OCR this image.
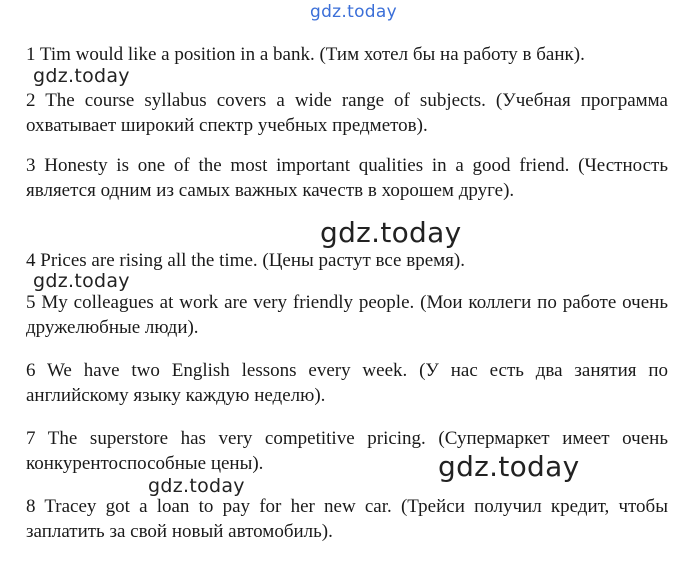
gdz.today

1 Tim would like a position in a bank. (Тим хотел бы на работу в банк).

gdz.today

2 The course syllabus covers a wide range of subjects. (Учебная программа охватывает широкий спектр учебных предметов).

3 Honesty is one of the most important qualities in a good friend. (Честность является одним из самых важных качеств в хорошем друге).

gdz.today

4 Prices are rising all the time. (Цены растут все время).

gdz.today

5 My colleagues at work are very friendly people. (Мои коллеги по работе очень дружелюбные люди).

6 We have two English lessons every week. (У нас есть два занятия по английскому языку каждую неделю).

7 The superstore has very competitive pricing. (Супермаркет имеет очень конкурентоспособные цены).	gdz.today
gdz.today

8 Tracey got a loan to pay for her new car. (Трейси получил кредит, чтобы заплатить за свой новый автомобиль).
